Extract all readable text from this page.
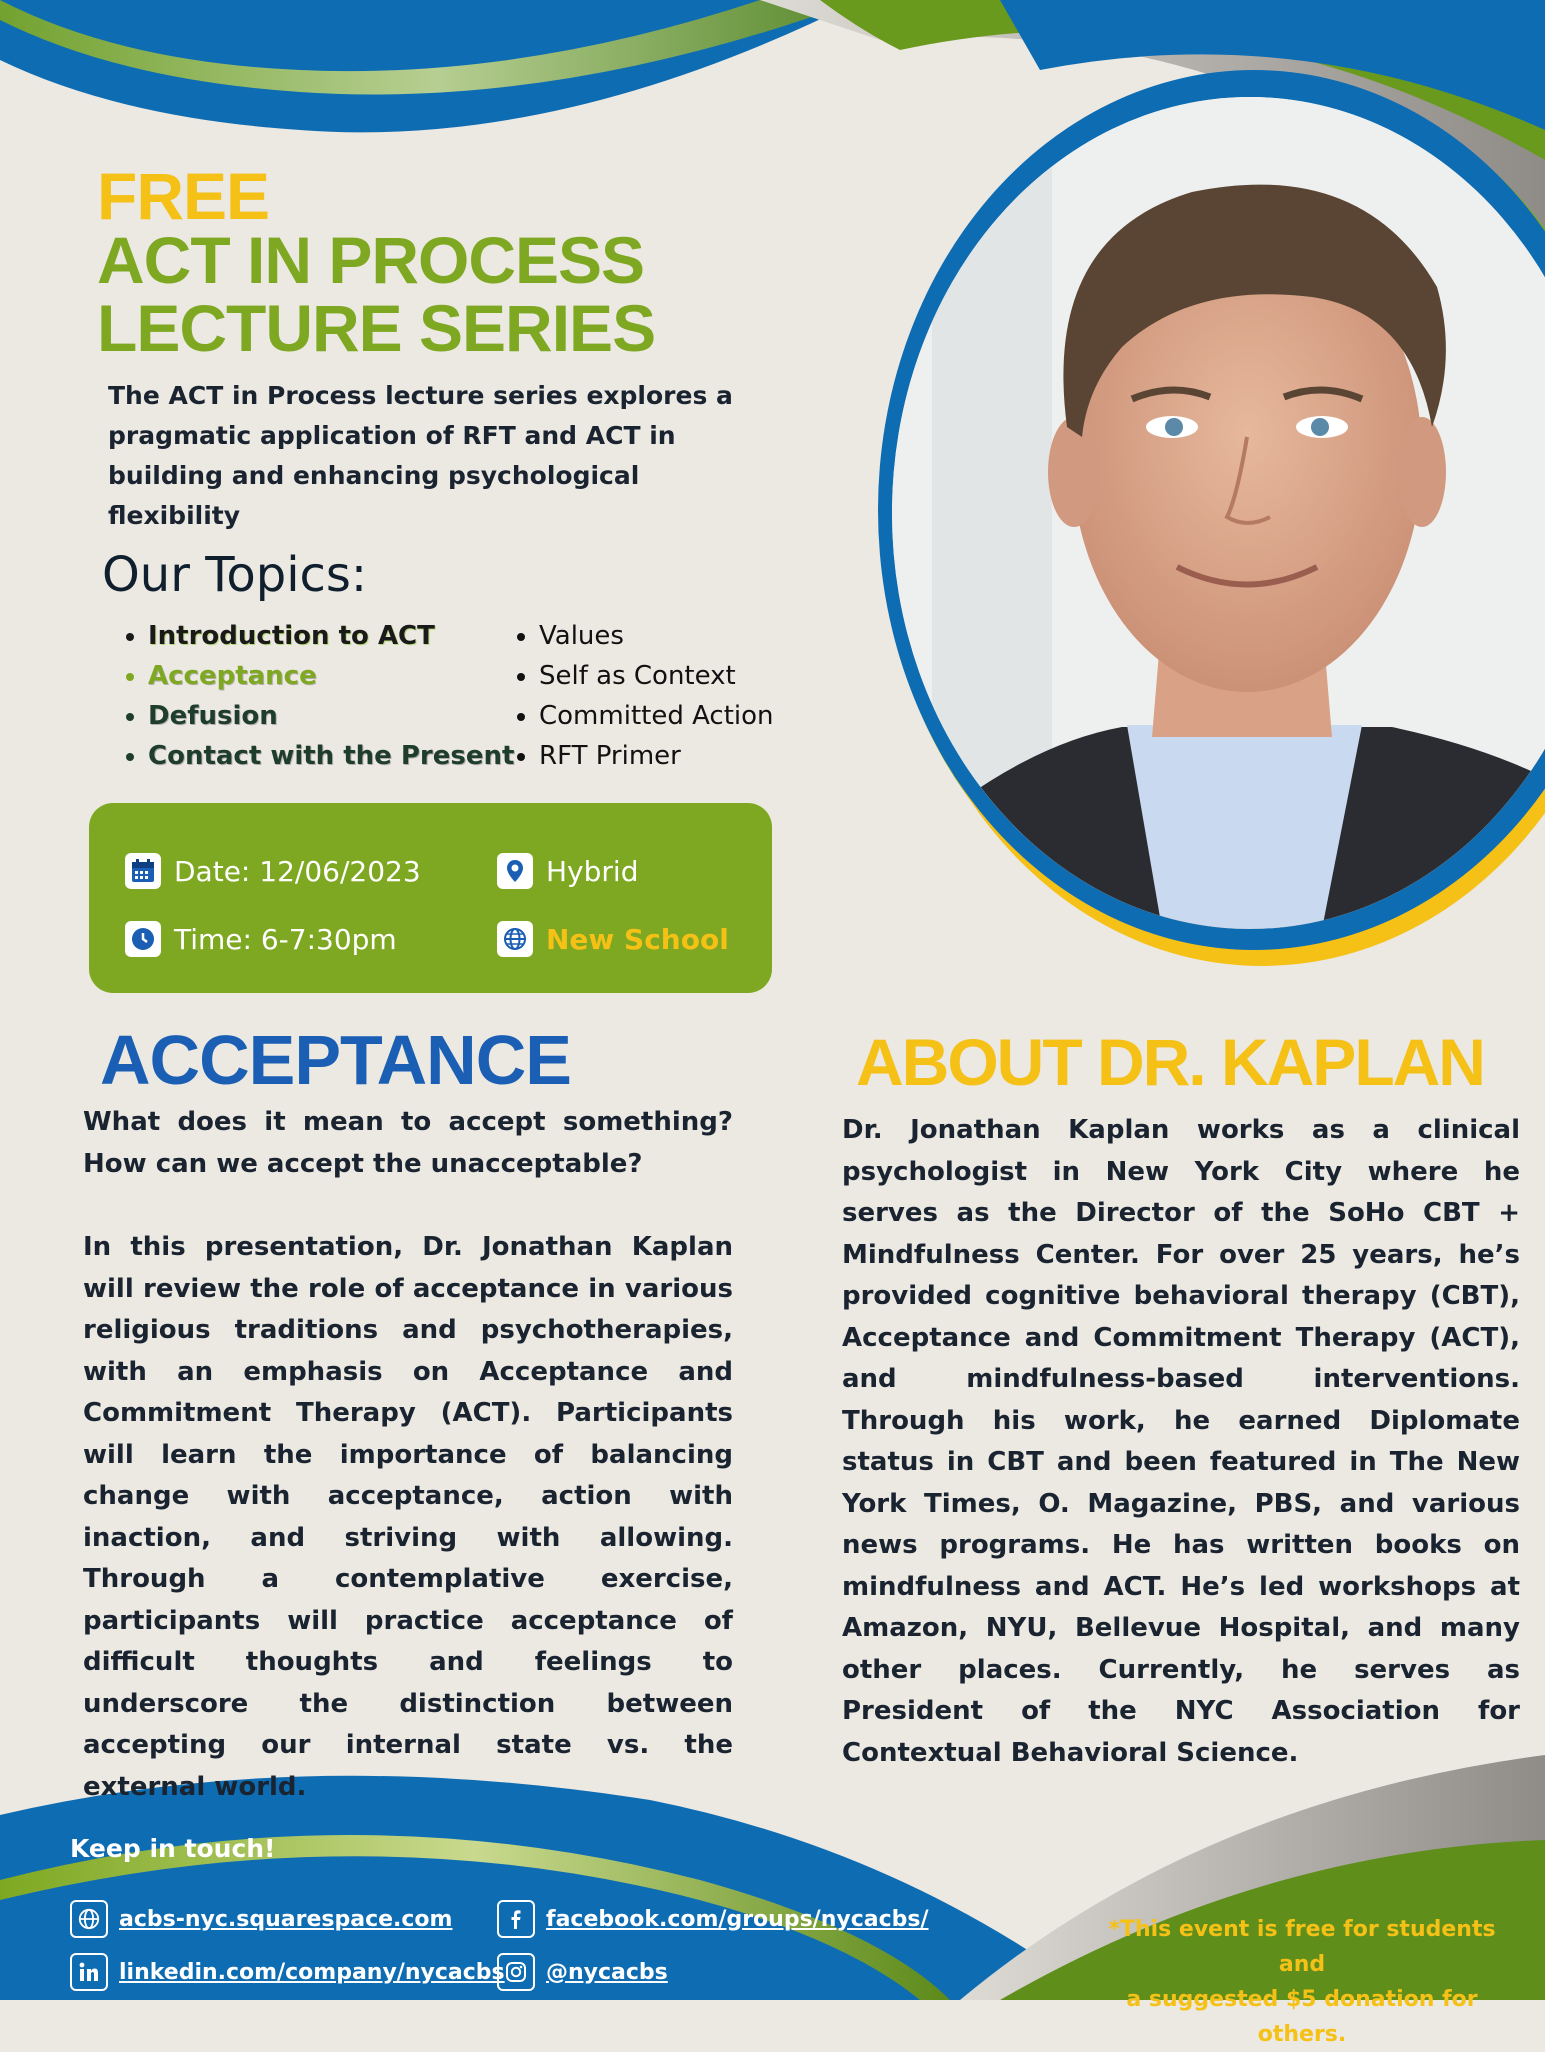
FREE
ACT IN PROCESS
LECTURE SERIES
The ACT in Process lecture series explores a pragmatic application of RFT and ACT in building and enhancing psychological flexibility
Our Topics:
• Introduction to ACT
• Acceptance
• Defusion
• Contact with the Present
• Values
• Self as Context
• Committed Action
• RFT Primer
Date: 12/06/2023
Time: 6-7:30pm
Hybrid
New School
ACCEPTANCE
What does it mean to accept something? How can we accept the unacceptable?
In this presentation, Dr. Jonathan Kaplan will review the role of acceptance in various religious traditions and psychotherapies, with an emphasis on Acceptance and Commitment Therapy (ACT). Participants will learn the importance of balancing change with acceptance, action with inaction, and striving with allowing. Through a contemplative exercise, participants will practice acceptance of difficult thoughts and feelings to underscore the distinction between accepting our internal state vs. the external world.
ABOUT DR. KAPLAN
Dr. Jonathan Kaplan works as a clinical psychologist in New York City where he serves as the Director of the SoHo CBT + Mindfulness Center. For over 25 years, he’s provided cognitive behavioral therapy (CBT), Acceptance and Commitment Therapy (ACT), and mindfulness-based interventions. Through his work, he earned Diplomate status in CBT and been featured in The New York Times, O. Magazine, PBS, and various news programs. He has written books on mindfulness and ACT. He’s led workshops at Amazon, NYU, Bellevue Hospital, and many other places. Currently, he serves as President of the NYC Association for Contextual Behavioral Science.
Keep in touch!
acbs-nyc.squarespace.com
linkedin.com/company/nycacbs
facebook.com/groups/nycacbs/
@nycacbs
*This event is free for students and
a suggested $5 donation for others.
